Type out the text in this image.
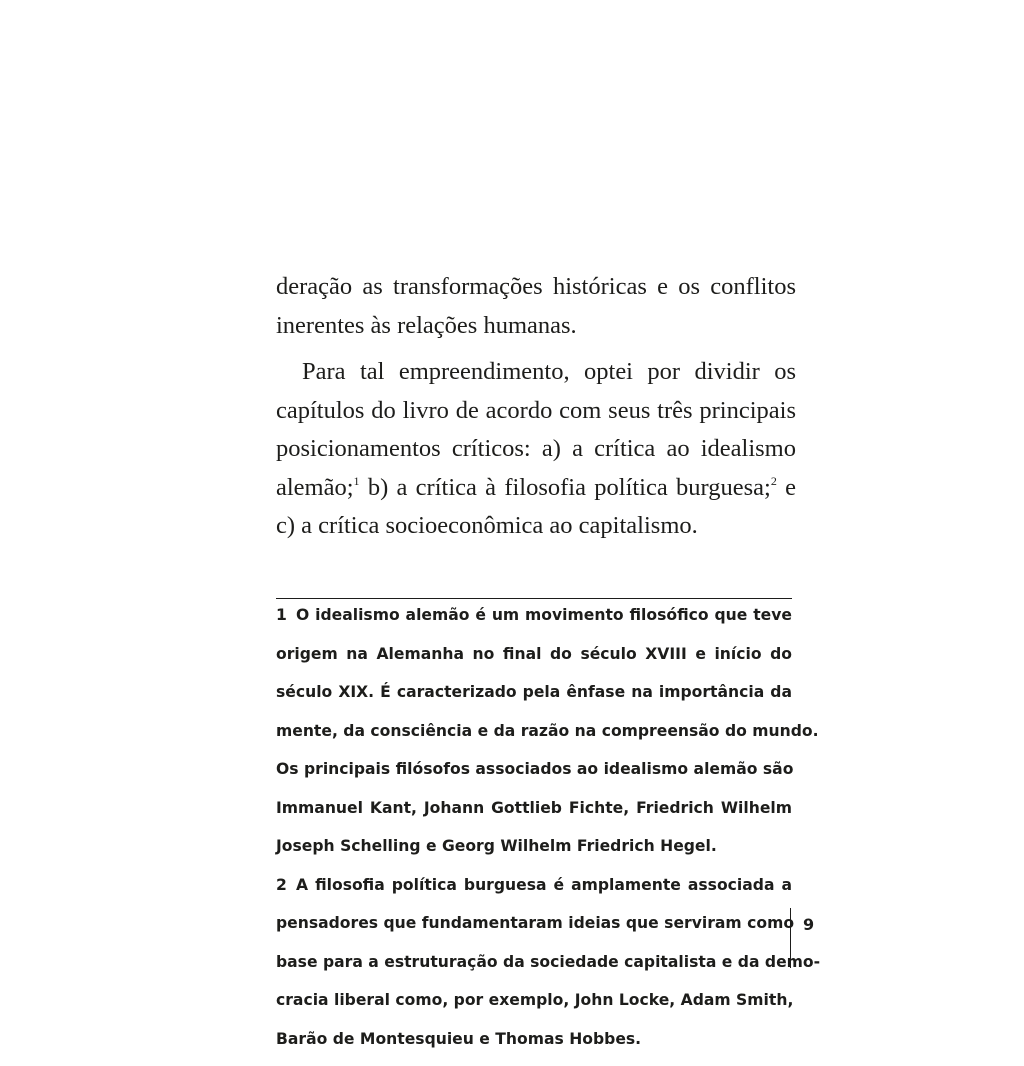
deração as transformações históricas e os conflitos
inerentes às relações humanas.
Para tal empreendimento, optei por dividir os
capítulos do livro de acordo com seus três principais
posicionamentos críticos: a) a crítica ao idealismo
alemão;$^1$ b) a crítica à filosofia política burguesa;$^2$ e
c) a crítica socioeconômica ao capitalismo.
1 O idealismo alemão é um movimento filosófico que teve
origem na Alemanha no final do século XVIII e início do
século XIX. É caracterizado pela ênfase na importância da
mente, da consciência e da razão na compreensão do mundo.
Os principais filósofos associados ao idealismo alemão são
Immanuel Kant, Johann Gottlieb Fichte, Friedrich Wilhelm
Joseph Schelling e Georg Wilhelm Friedrich Hegel.
2 A filosofia política burguesa é amplamente associada a
pensadores que fundamentaram ideias que serviram como
base para a estruturação da sociedade capitalista e da demo-
cracia liberal como, por exemplo, John Locke, Adam Smith,
Barão de Montesquieu e Thomas Hobbes.
9
